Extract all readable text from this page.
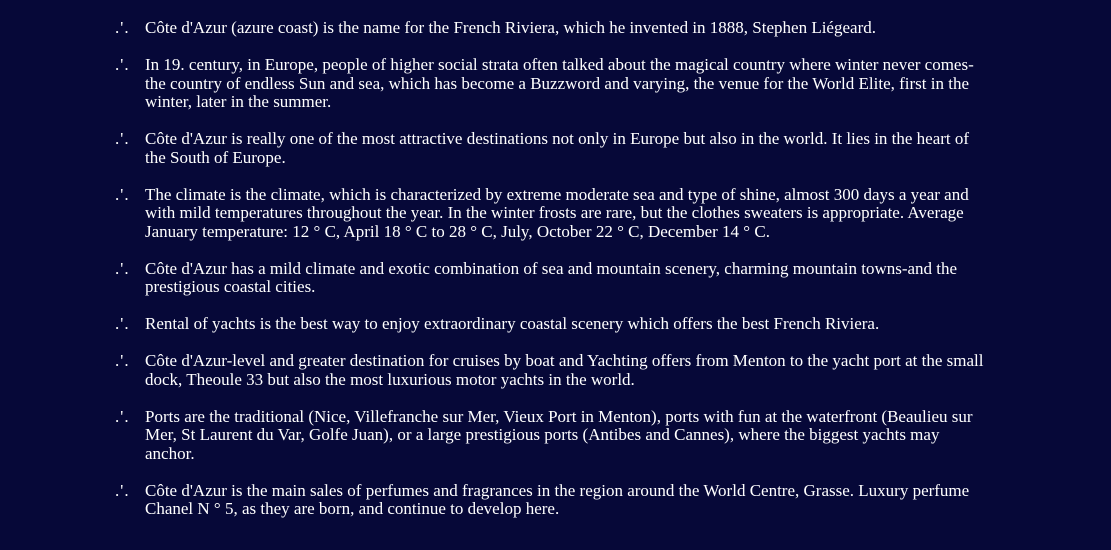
.'. Côte d'Azur (azure coast) is the name for the French Riviera, which he invented in 1888, Stephen Liégeard.
.'. In 19. century, in Europe, people of higher social strata often talked about the magical country where winter never comes-the country of endless Sun and sea, which has become a Buzzword and varying, the venue for the World Elite, first in the winter, later in the summer.
.'. Côte d'Azur is really one of the most attractive destinations not only in Europe but also in the world. It lies in the heart of the South of Europe.
.'. The climate is the climate, which is characterized by extreme moderate sea and type of shine, almost 300 days a year and with mild temperatures throughout the year. In the winter frosts are rare, but the clothes sweaters is appropriate. Average January temperature: 12 ° C, April 18 ° C to 28 ° C, July, October 22 ° C, December 14 ° C.
.'. Côte d'Azur has a mild climate and exotic combination of sea and mountain scenery, charming mountain towns-and the prestigious coastal cities.
.'. Rental of yachts is the best way to enjoy extraordinary coastal scenery which offers the best French Riviera.
.'. Côte d'Azur-level and greater destination for cruises by boat and Yachting offers from Menton to the yacht port at the small dock, Theoule 33 but also the most luxurious motor yachts in the world.
.'. Ports are the traditional (Nice, Villefranche sur Mer, Vieux Port in Menton), ports with fun at the waterfront (Beaulieu sur Mer, St Laurent du Var, Golfe Juan), or a large prestigious ports (Antibes and Cannes), where the biggest yachts may anchor.
.'. Côte d'Azur is the main sales of perfumes and fragrances in the region around the World Centre, Grasse. Luxury perfume Chanel N ° 5, as they are born, and continue to develop here.
